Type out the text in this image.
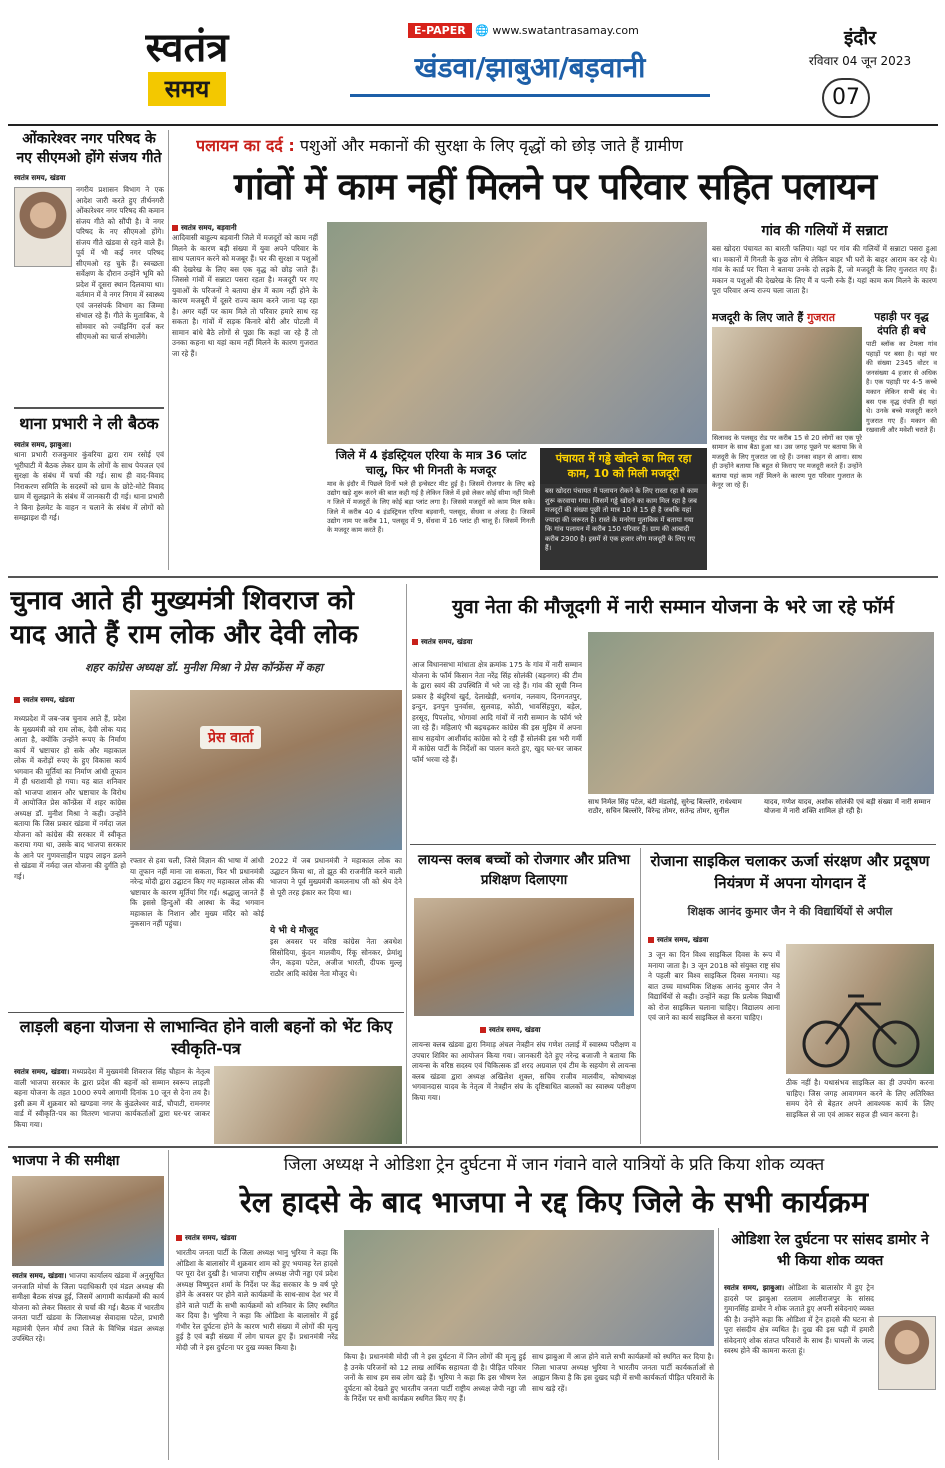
स्वतंत्र
समय
E-PAPER 🌐 www.swatantrasamay.com
खंडवा/झाबुआ/बड़वानी
इंदौर
रविवार 04 जून 2023
07
ओंकारेश्वर नगर परिषद के नए सीएमओ होंगे संजय गीते
स्वतंत्र समय, खंडवा
नगरीय प्रशासन विभाग ने एक आदेश जारी करते हुए तीर्थनगरी ओंकारेश्वर नगर परिषद की कमान संजय गीते को सौंपी है। वे नगर परिषद के नए सीएमओ होंगे। संजय गीते खंडवा से रहने वाले हैं। पूर्व में भी कई नगर परिषद सीएमओ रह चुके हैं। स्वच्छता सर्वेक्षण के दौरान उन्होंने भूमि को प्रदेश में दूसरा स्थान दिलवाया था। वर्तमान में वे नगर निगम में स्वास्थ्य एवं जनसंपर्क विभाग का जिम्मा संभाल रहे हैं। गीते के मुताबिक, वे सोमवार को ज्वॉइनिंग दर्ज कर सीएमओ का चार्ज संभालेंगे।
थाना प्रभारी ने ली बैठक
स्वतंत्र समय, झाबुआ।
थाना प्रभारी राजकुमार कुंवरिया द्वारा राम रसोई एवं भूरीघाटी में बैठक लेकर ग्राम के लोगों के साथ पेयजल एवं सुरक्षा के संबंध में चर्चा की गई। साथ ही वाद-विवाद निराकरण समिति के सदस्यों को ग्राम के छोटे-मोटे विवाद ग्राम में सुलझाने के संबंध में जानकारी दी गई। थाना प्रभारी ने बिना हेलमेट के वाहन न चलाने के संबंध में लोगों को समझाइश दी गई।
पलायन का दर्द : पशुओं और मकानों की सुरक्षा के लिए वृद्धों को छोड़ जाते हैं ग्रामीण
गांवों में काम नहीं मिलने पर परिवार सहित पलायन
स्वतंत्र समय, बड़वानी
आदिवासी बाहुल्य बड़वानी जिले में मजदूरों को काम नहीं मिलने के कारण बड़ी संख्या में युवा अपने परिवार के साथ पलायन करने को मजबूर हैं। घर की सुरक्षा व पशुओं की देखरेख के लिए बस एक वृद्ध को छोड़ जाते हैं। जिससे गांवों में सन्नाटा पसरा रहता है। मजदूरी पर गए युवाओं के परिजनों ने बताया क्षेत्र में काम नहीं होने के कारण मजबूरी में दूसरे राज्य काम करने जाना पड़ रहा है। अगर यहीं पर काम मिले तो परिवार हमारे साथ रह सकता है। गांवों में सड़क किनारे बोरी और पोटली में सामान बांधे बैठे लोगों से पूछा कि कहां जा रहे हैं तो उनका कहना था यहां काम नहीं मिलने के कारण गुजरात जा रहे हैं।
जिले में 4 इंडस्ट्रियल एरिया के मात्र 36 प्लांट चालू, फिर भी गिनती के मजदूर
माव के इंदौर में पिछले दिनों भले ही इन्वेस्टर मीट हुई है। जिसमें रोजगार के लिए बड़े उद्योग खड़े शुरू करने की बात कही गई है लेकिन जिले में इसे लेकर कोई सीमा नहीं मिली न जिले में मजदूरों के लिए कोई बड़ा प्लांट लगा है। जिससे मजदूरों को काम मिल सके। जिले में करीब 40 4 इंडस्ट्रियल एरिया बड़वानी, पलसूद, सेंधवा व अंजड़ है। जिसमें उद्योग नाम पर करीब 11, पलसूद में 9, सेंधवा में 16 प्लांट ही चालू हैं। जिसमें गिनती के मजदूर काम करते हैं।
पंचायत में गड्ढे खोदने का मिल रहा काम, 10 को मिली मजदूरी
बस खोदरा पंचायत में पलायन रोकने के लिए रास्ता रहा से काम शुरू करवाया गया। जिसमें गड्ढे खोदने का काम मिल रहा है जब मजदूरों की संख्या पूछी तो मात्र 10 से 15 ही है जबकि यहां ज्यादा की जरूरत है। रास्ते के मनरेगा मुताबिक में बताया गया कि गांव पलायन में करीब 150 परिवार हैं। ग्राम की आबादी करीब 2900 है। इसमें से एक हजार लोग मजदूरी के लिए गए हैं।
गांव की गलियों में सन्नाटा
बस खोदरा पंचायत का बारती फलिया। यहां पर गांव की गलियों में सन्नाटा पसरा हुआ था। मकानों में गिनती के कुछ लोग थे लेकिन बाहर भी घरों के बाहर आराम कर रहे थे। गांव के कार्ड पर पिता ने बताया उनके दो लड़के हैं, जो मजदूरी के लिए गुजरात गए हैं। मकान व पशुओं की देखरेख के लिए मैं व पत्नी रुके हैं। यहां काम कम मिलने के कारण पूरा परिवार अन्य राज्य चला जाता है।
मजदूरी के लिए जाते हैं गुजरात
सिलावद के पलसूद रोड पर करीब 15 से 20 लोगों का एक पूरे सामान के साथ बैठा हुआ था। उस जगह पूछने पर बताया कि वे मजदूरी के लिए गुजरात जा रहे हैं। उनका वाहन से आना। साथ ही उन्होंने बताया कि बहुत से किराए पर मजदूरी करते हैं। उन्होंने बताया यहां काम नहीं मिलने के कारण पूरा परिवार गुजरात के केनूर जा रहे हैं।
पहाड़ी पर वृद्ध दंपति ही बचे
पाटी ब्लॉक का टेमला गांव पहाड़ों पर बसा है। यहां घर की संख्या 2345 वोटर व जनसंख्या 4 हजार से अधिक है। एक पहाड़ी पर 4-5 कच्चे मकान लेकिन सभी बंद थे। बस एक वृद्ध दंपति ही यहां थे। उनके बच्चे मजदूरी करने गुजरात गए हैं। मकान की रखवाली और मवेशी चराते हैं।
चुनाव आते ही मुख्यमंत्री शिवराज को याद आते हैं राम लोक और देवी लोक
शहर कांग्रेस अध्यक्ष डॉ. मुनीश मिश्रा ने प्रेस कॉन्फ्रेंस में कहा
स्वतंत्र समय, खंडवा
मध्यप्रदेश में जब-जब चुनाव आते हैं, प्रदेश के मुख्यमंत्री को राम लोक, देवी लोक याद आता है, क्योंकि उन्होंने रूपए के निर्माण कार्य में भ्रष्टाचार हो सके और महाकाल लोक में करोड़ों रुपए के हुए विकास कार्य भगवान की मूर्तियां का निर्माण आंधी तूफान में ही धराशायी हो गया। यह बात शनिवार को भाजपा शासन और भ्रष्टाचार के विरोध में आयोजित प्रेस कॉन्फ्रेंस में शहर कांग्रेस अध्यक्ष डॉ. मुनीश मिश्रा ने कही। उन्होंने बताया कि जिस प्रकार खंडवा में नर्मदा जल योजना को कांग्रेस की सरकार में स्वीकृत कराया गया था, उसके बाद भाजपा सरकार के आने पर गुणवत्ताहीन पाइप लाइन डलने से खंडवा में नर्मदा जल योजना की दुर्गति हो गई।
प्रेस वार्ता
रफ्तार से हवा चली, जिसे विज्ञान की भाषा में आंधी या तूफान नहीं माना जा सकता, फिर भी प्रधानमंत्री नरेन्द्र मोदी द्वारा उद्घाटन किए गए महाकाल लोक की भ्रष्टाचार के कारण मूर्तियां गिर गईं। श्रद्धालु जानते हैं कि इससे हिन्दुओं की आस्था के केंद्र भगवान महाकाल के निशान और मुख्य मंदिर को कोई नुकसान नहीं पहुंचा।
2022 में जब प्रधानमंत्री ने महाकाल लोक का उद्घाटन किया था, तो झूठ की राजनीति करने वाली भाजपा ने पूर्व मुख्यमंत्री कमलनाथ जी को श्रेय देने से पूरी तरह इंकार कर दिया था।
ये भी थे मौजूद
इस अवसर पर वरिष्ठ कांग्रेस नेता अवधेश सिसोदिया, कुंदन मालवीय, रिंकू सोनकर, प्रेमांशु जैन, कड़वा पटेल, अजीज भारती, दीपक मुल्लू राठौर आदि कांग्रेस नेता मौजूद थे।
लाड़ली बहना योजना से लाभान्वित होने वाली बहनों को भेंट किए स्वीकृति-पत्र
स्वतंत्र समय, खंडवा। मध्यप्रदेश में मुख्यमंत्री शिवराज सिंह चौहान के नेतृत्व वाली भाजपा सरकार के द्वारा प्रदेश की बहनों को सम्मान स्वरूप लाड़ली बहना योजना के तहत 1000 रुपये आगामी दिनांक 10 जून से देना तय है। इसी क्रम में शुक्रवार को खण्डवा नगर के कुंडलेश्वर वार्ड, चौपाटी, रामनगर वार्ड में स्वीकृति-पत्र का वितरण भाजपा कार्यकर्ताओं द्वारा घर-घर जाकर किया गया।
युवा नेता की मौजूदगी में नारी सम्मान योजना के भरे जा रहे फॉर्म
स्वतंत्र समय, खंडवा
आज विधानसभा मांधाता क्षेत्र क्रमांक 175 के गांव में नारी सम्मान योजना के फॉर्म किसान नेता नरेंद्र सिंह सोलंकी (बड़नगर) की टीम के द्वारा स्वयं की उपस्थिति में भरे जा रहे हैं। गांव की सूची निम्न प्रकार है बंदूरियां खुर्द, देलाखेड़ी, धनगांव, नलवाय, दिनगनतपुर, इन्दुन, इनपुन पुनर्वास, सुलवाड़, कोठी, भावसिंहपुरा, बड़ेल, हरसूद, पिपलोद, भोगावां आदि गांवों में नारी सम्मान के फॉर्म भरे जा रहे हैं। महिलाएं भी बढ़चढ़कर कांग्रेस की इस मुहिम में अपना साथ सहयोग आशीर्वाद कांग्रेस को दे रही हैं सोलंकी इस भरी गर्मी में कांग्रेस पार्टी के निर्देशों का पालन करते हुए, खुद घर-घर जाकर फॉर्म भरवा रहे हैं।
साथ निर्मल सिंह पटेल, बंटी मंडलोई, सुरेन्द्र बिल्लोरे, राधेश्याम राठौर, सचिन बिल्लोरे, विरेन्द्र तोमर, सतेन्द्र तोमर, सुनील
यादव, गणेश यादव, अशोक सोलंकी एवं बड़ी संख्या में नारी सम्मान योजना में नारी शक्ति शामिल हो रही है।
लायन्स क्लब बच्चों को रोजगार और प्रतिभा प्रशिक्षण दिलाएगा
स्वतंत्र समय, खंडवा
लायन्स क्लब खंडवा द्वारा निमाड़ अंचल नेत्रहीन संघ गणेश तलाई में स्वास्थ्य परीक्षण व उपचार शिविर का आयोजन किया गया। जानकारी देते हुए नरेन्द्र बजाजी ने बताया कि लायन्स के वरिष्ठ सदस्य एवं चिकित्सक डॉ शरद अग्रवाल एवं टीम के सहयोग से लायन्स क्लब खंडवा द्वारा अध्यक्ष अखिलेश शुक्ल, सचिव राजीव मालवीय, कोषाध्यक्ष भगवानदास यादव के नेतृत्व में नेत्रहीन संघ के दृष्टिबाधित बालकों का स्वास्थ्य परीक्षण किया गया।
रोजाना साइकिल चलाकर ऊर्जा संरक्षण और प्रदूषण नियंत्रण में अपना योगदान दें
शिक्षक आनंद कुमार जैन ने की विद्यार्थियों से अपील
स्वतंत्र समय, खंडवा
3 जून का दिन विश्व साइकिल दिवस के रूप में मनाया जाता है। 3 जून 2018 को संयुक्त राष्ट्र संघ ने पहली बार विश्व साइकिल दिवस मनाया। यह बात उच्च माध्यमिक शिक्षक आनंद कुमार जैन ने विद्यार्थियों से कही। उन्होंने कहा कि प्रत्येक विद्यार्थी को रोज साइकिल चलाना चाहिए। विद्यालय आना एवं जाने का कार्य साइकिल से करना चाहिए।
ठीक नहीं है। यथासंभव साइकिल का ही उपयोग करना चाहिए। जिस जगह आवागमन करने के लिए अतिरिक्त समय देने से बेहतर अपने आवश्यक कार्य के लिए साइकिल से जा एवं आकर सहज ही ध्यान करना है।
भाजपा ने की समीक्षा
स्वतंत्र समय, खंडवा। भाजपा कार्यालय खंडवा में अनुसूचित जनजाति मोर्चा के जिला पदाधिकारी एवं मंडल अध्यक्ष की समीक्षा बैठक संपन्न हुई, जिसमें आगामी कार्यक्रमों की कार्य योजना को लेकर विस्तार से चर्चा की गई। बैठक में भारतीय जनता पार्टी खंडवा के जिलाध्यक्ष सेवादास पटेल, प्रभारी महामंत्री ऐलन मौर्य तथा जिले के विभिन्न मंडल अध्यक्ष उपस्थित रहे।
जिला अध्यक्ष ने ओडिशा ट्रेन दुर्घटना में जान गंवाने वाले यात्रियों के प्रति किया शोक व्यक्त
रेल हादसे के बाद भाजपा ने रद्द किए जिले के सभी कार्यक्रम
स्वतंत्र समय, खंडवा
भारतीय जनता पार्टी के जिला अध्यक्ष भानु भुरिया ने कहा कि ओडिशा के बालासोर में शुक्रवार शाम को हुए भयावह रेल हादसे पर पूरा देश दुखी है। भाजपा राष्ट्रीय अध्यक्ष जेपी नड्डा एवं प्रदेश अध्यक्ष विष्णुदत्त शर्मा के निर्देश पर केंद्र सरकार के 9 वर्ष पूरे होने के अवसर पर होने वाले कार्यक्रमों के साथ-साथ देश भर में होने वाले पार्टी के सभी कार्यक्रमों को शनिवार के लिए स्थगित कर दिया है। भुरिया ने कहा कि ओडिशा के बालासोर में हुई गंभीर रेल दुर्घटना होने के कारण भारी संख्या में लोगों की मृत्यु हुई है एवं बड़ी संख्या में लोग घायल हुए हैं। प्रधानमंत्री नरेंद्र मोदी जी ने इस दुर्घटना पर दुख व्यक्त किया है।
किया है। प्रधानमंत्री मोदी जी ने इस दुर्घटना में जिन लोगों की मृत्यु हुई है उनके परिजनों को 12 लाख आर्थिक सहायता दी है। पीड़ित परिवार जनों के साथ हम सब लोग खड़े हैं। भुरिया ने कहा कि इस भीषण रेल दुर्घटना को देखते हुए भारतीय जनता पार्टी राष्ट्रीय अध्यक्ष जेपी नड्डा जी के निर्देश पर सभी कार्यक्रम स्थगित किए गए हैं।
साथ झाबुआ में आज होने वाले सभी कार्यक्रमों को स्थगित कर दिया है। जिला भाजपा अध्यक्ष भुरिया ने भारतीय जनता पार्टी कार्यकर्ताओं से आह्वान किया है कि इस दुखद घड़ी में सभी कार्यकर्ता पीड़ित परिवारों के साथ खड़े रहें।
ओडिशा रेल दुर्घटना पर सांसद डामोर ने भी किया शोक व्यक्त
स्वतंत्र समय, झाबुआ। ओडिशा के बालासोर में हुए ट्रेन हादसे पर झाबुआ रतलाम आलीराजपुर के सांसद गुमानसिंह डामोर ने शोक जताते हुए अपनी संवेदनाएं व्यक्त की है। उन्होंने कहा कि ओडिशा में ट्रेन हादसे की घटना से पूरा संसदीय क्षेत्र व्यथित है। दुख की इस घड़ी में हमारी संवेदनाएं शोक संतप्त परिवारों के साथ हैं। घायलों के जल्द स्वस्थ होने की कामना करता हूं।
